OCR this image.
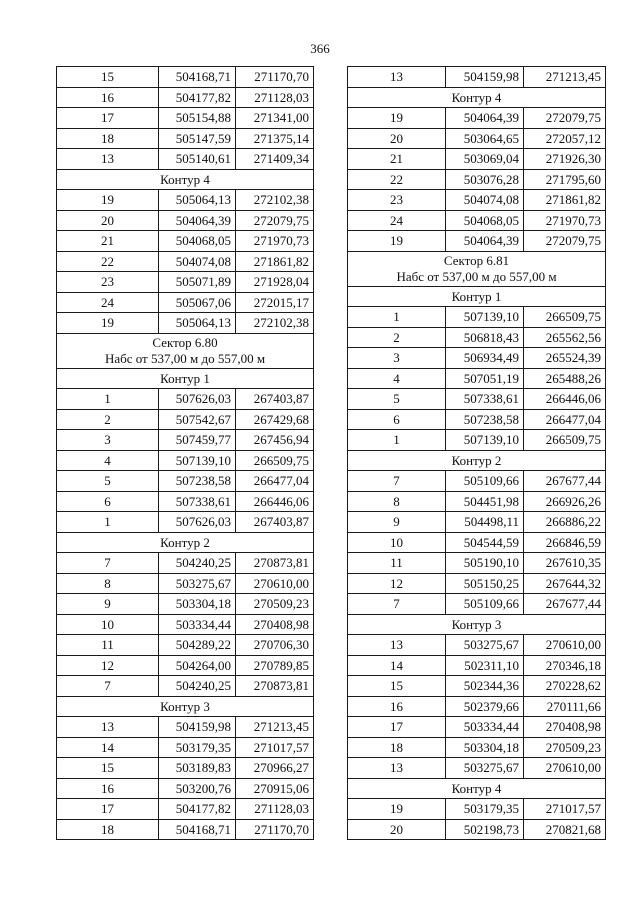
366
15	504168,71	271170,70
16	504177,82	271128,03
17	505154,88	271341,00
18	505147,59	271375,14
13	505140,61	271409,34
Контур 4		
19	505064,13	272102,38
20	504064,39	272079,75
21	504068,05	271970,73
22	504074,08	271861,82
23	505071,89	271928,04
24	505067,06	272015,17
19	505064,13	272102,38

Сектор 6.80
Набс от 537,00 м до 557,00 м		

Контур 1		
1	507626,03	267403,87
2	507542,67	267429,68
3	507459,77	267456,94
4	507139,10	266509,75
5	507238,58	266477,04
6	507338,61	266446,06
1	507626,03	267403,87
Контур 2		
7	504240,25	270873,81
8	503275,67	270610,00
9	503304,18	270509,23
10	503334,44	270408,98
11	504289,22	270706,30
12	504264,00	270789,85
7	504240,25	270873,81
Контур 3		
13	504159,98	271213,45
14	503179,35	271017,57
15	503189,83	270966,27
16	503200,76	270915,06
17	504177,82	271128,03
18	504168,71	271170,70
13	504159,98	271213,45
Контур 4		
19	504064,39	272079,75
20	503064,65	272057,12
21	503069,04	271926,30
22	503076,28	271795,60
23	504074,08	271861,82
24	504068,05	271970,73
19	504064,39	272079,75

Сектор 6.81
Набс от 537,00 м до 557,00 м		

Контур 1		
1	507139,10	266509,75
2	506818,43	265562,56
3	506934,49	265524,39
4	507051,19	265488,26
5	507338,61	266446,06
6	507238,58	266477,04
1	507139,10	266509,75
Контур 2		
7	505109,66	267677,44
8	504451,98	266926,26
9	504498,11	266886,22
10	504544,59	266846,59
11	505190,10	267610,35
12	505150,25	267644,32
7	505109,66	267677,44
Контур 3		
13	503275,67	270610,00
14	502311,10	270346,18
15	502344,36	270228,62
16	502379,66	270111,66
17	503334,44	270408,98
18	503304,18	270509,23
13	503275,67	270610,00
Контур 4		
19	503179,35	271017,57
20	502198,73	270821,68
